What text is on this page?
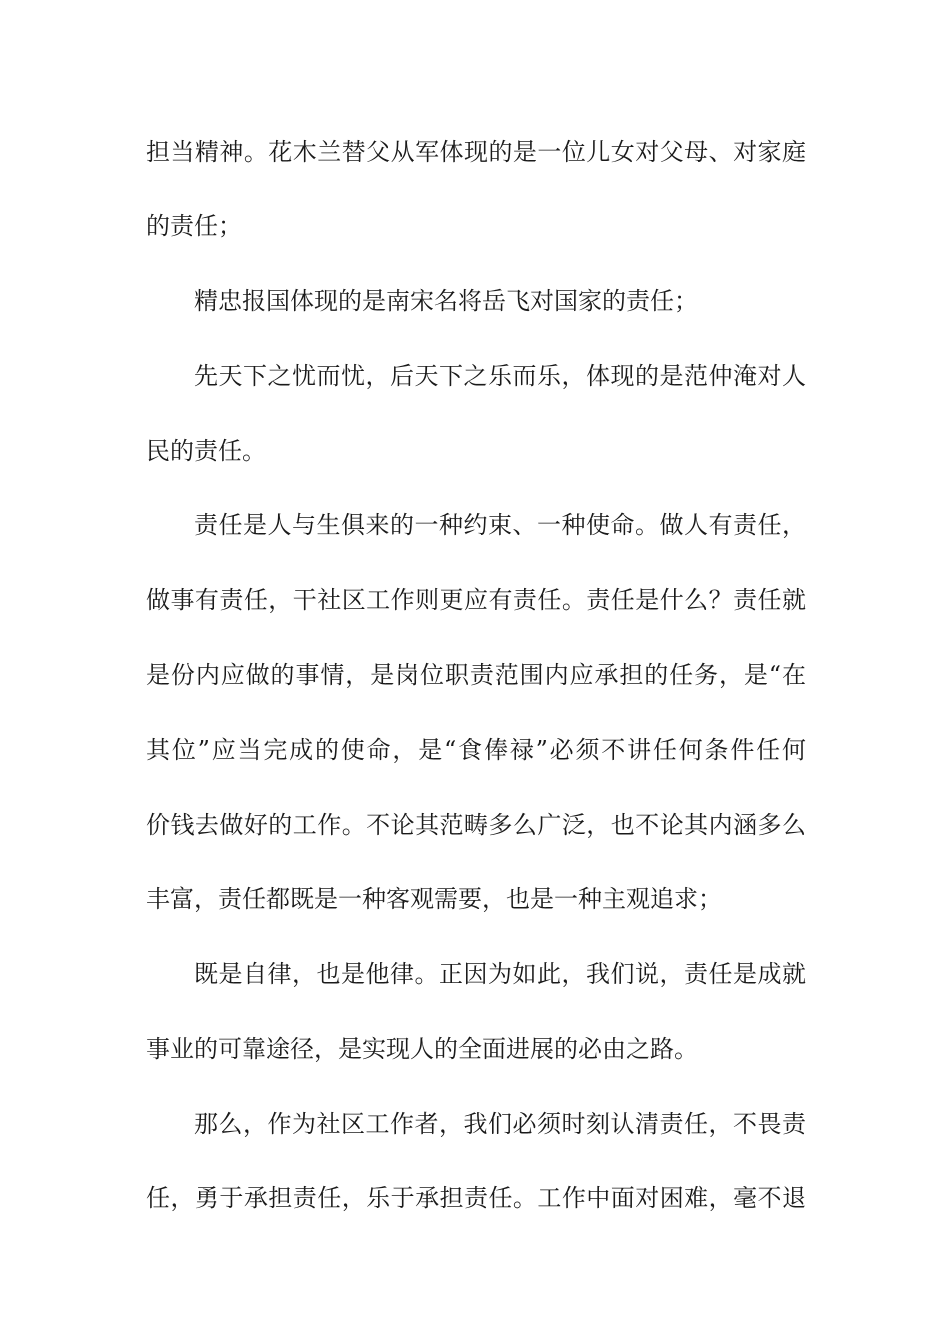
担当精神。花木兰替父从军体现的是一位儿女对父母、对家庭
的责任；
精忠报国体现的是南宋名将岳飞对国家的责任；
先天下之忧而忧，后天下之乐而乐，体现的是范仲淹对人
民的责任。
责任是人与生俱来的一种约束、一种使命。做人有责任，
做事有责任，干社区工作则更应有责任。责任是什么？责任就
是份内应做的事情，是岗位职责范围内应承担的任务，是“在
其位”应当完成的使命，是“食俸禄”必须不讲任何条件任何
价钱去做好的工作。不论其范畴多么广泛，也不论其内涵多么
丰富，责任都既是一种客观需要，也是一种主观追求；
既是自律，也是他律。正因为如此，我们说，责任是成就
事业的可靠途径，是实现人的全面进展的必由之路。
那么，作为社区工作者，我们必须时刻认清责任，不畏责
任，勇于承担责任，乐于承担责任。工作中面对困难，毫不退
